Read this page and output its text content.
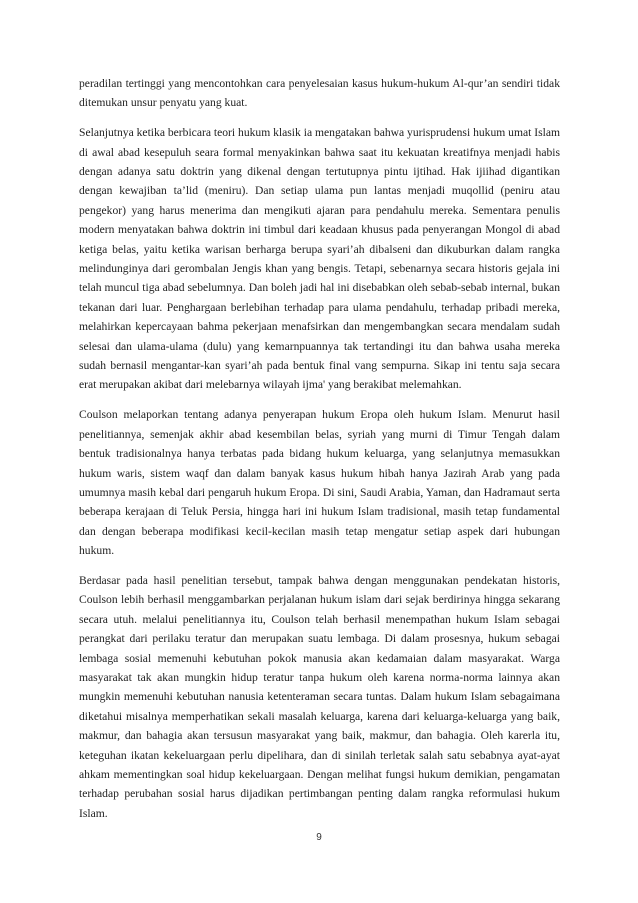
peradilan tertinggi yang mencontohkan cara penyelesaian kasus hukum-hukum Al-qur’an sendiri tidak ditemukan unsur penyatu yang kuat.

Selanjutnya ketika berbicara teori hukum klasik ia mengatakan bahwa yurisprudensi hukum umat Islam di awal abad kesepuluh seara formal menyakinkan bahwa saat itu kekuatan kreatifnya menjadi habis dengan adanya satu doktrin yang dikenal dengan tertutupnya pintu ijtihad. Hak ijiihad digantikan dengan kewajiban ta’lid (meniru). Dan setiap ulama pun lantas menjadi muqollid (peniru atau pengekor) yang harus menerima dan mengikuti ajaran para pendahulu mereka. Sementara penulis modern menyatakan bahwa doktrin ini timbul dari keadaan khusus pada penyerangan Mongol di abad ketiga belas, yaitu ketika warisan berharga berupa syari’ah dibalseni dan dikuburkan dalam rangka melindunginya dari gerombalan Jengis khan yang bengis. Tetapi, sebenarnya secara historis gejala ini telah muncul tiga abad sebelumnya. Dan boleh jadi hal ini disebabkan oleh sebab-sebab internal, bukan tekanan dari luar. Penghargaan berlebihan terhadap para ulama pendahulu, terhadap pribadi mereka, melahirkan kepercayaan bahma pekerjaan menafsirkan dan mengembangkan secara mendalam sudah selesai dan ulama-ulama (dulu) yang kemarnpuannya tak tertandingi itu dan bahwa usaha mereka sudah bernasil mengantar-kan syari’ah pada bentuk final vang sempurna. Sikap ini tentu saja secara erat merupakan akibat dari melebarnya wilayah ijma' yang berakibat melemahkan.

Coulson melaporkan tentang adanya penyerapan hukum Eropa oleh hukum Islam. Menurut hasil penelitiannya, semenjak akhir abad kesembilan belas, syriah yang murni di Timur Tengah dalam bentuk tradisionalnya hanya terbatas pada bidang hukum keluarga, yang selanjutnya memasukkan hukum waris, sistem waqf dan dalam banyak kasus hukum hibah hanya Jazirah Arab yang pada umumnya masih kebal dari pengaruh hukum Eropa. Di sini, Saudi Arabia, Yaman, dan Hadramaut serta beberapa kerajaan di Teluk Persia, hingga hari ini hukum Islam tradisional, masih tetap fundamental dan dengan beberapa modifikasi kecil-kecilan masih tetap mengatur setiap aspek dari hubungan hukum.

Berdasar pada hasil penelitian tersebut, tampak bahwa dengan menggunakan pendekatan historis, Coulson lebih berhasil menggambarkan perjalanan hukum islam dari sejak berdirinya hingga sekarang secara utuh. melalui penelitiannya itu, Coulson telah berhasil menempathan hukum Islam sebagai perangkat dari perilaku teratur dan merupakan suatu lembaga. Di dalam prosesnya, hukum sebagai lembaga sosial memenuhi kebutuhan pokok manusia akan kedamaian dalam masyarakat. Warga masyarakat tak akan mungkin hidup teratur tanpa hukum oleh karena norma-norma lainnya akan mungkin memenuhi kebutuhan nanusia ketenteraman secara tuntas. Dalam hukum Islam sebagaimana diketahui misalnya memperhatikan sekali masalah keluarga, karena dari keluarga-keluarga yang baik, makmur, dan bahagia akan tersusun masyarakat yang baik, makmur, dan bahagia. Oleh karerla itu, keteguhan ikatan kekeluargaan perlu dipelihara, dan di sinilah terletak salah satu sebabnya ayat-ayat ahkam mementingkan soal hidup kekeluargaan. Dengan melihat fungsi hukum demikian, pengamatan terhadap perubahan sosial harus dijadikan pertimbangan penting dalam rangka reformulasi hukum Islam.

9
